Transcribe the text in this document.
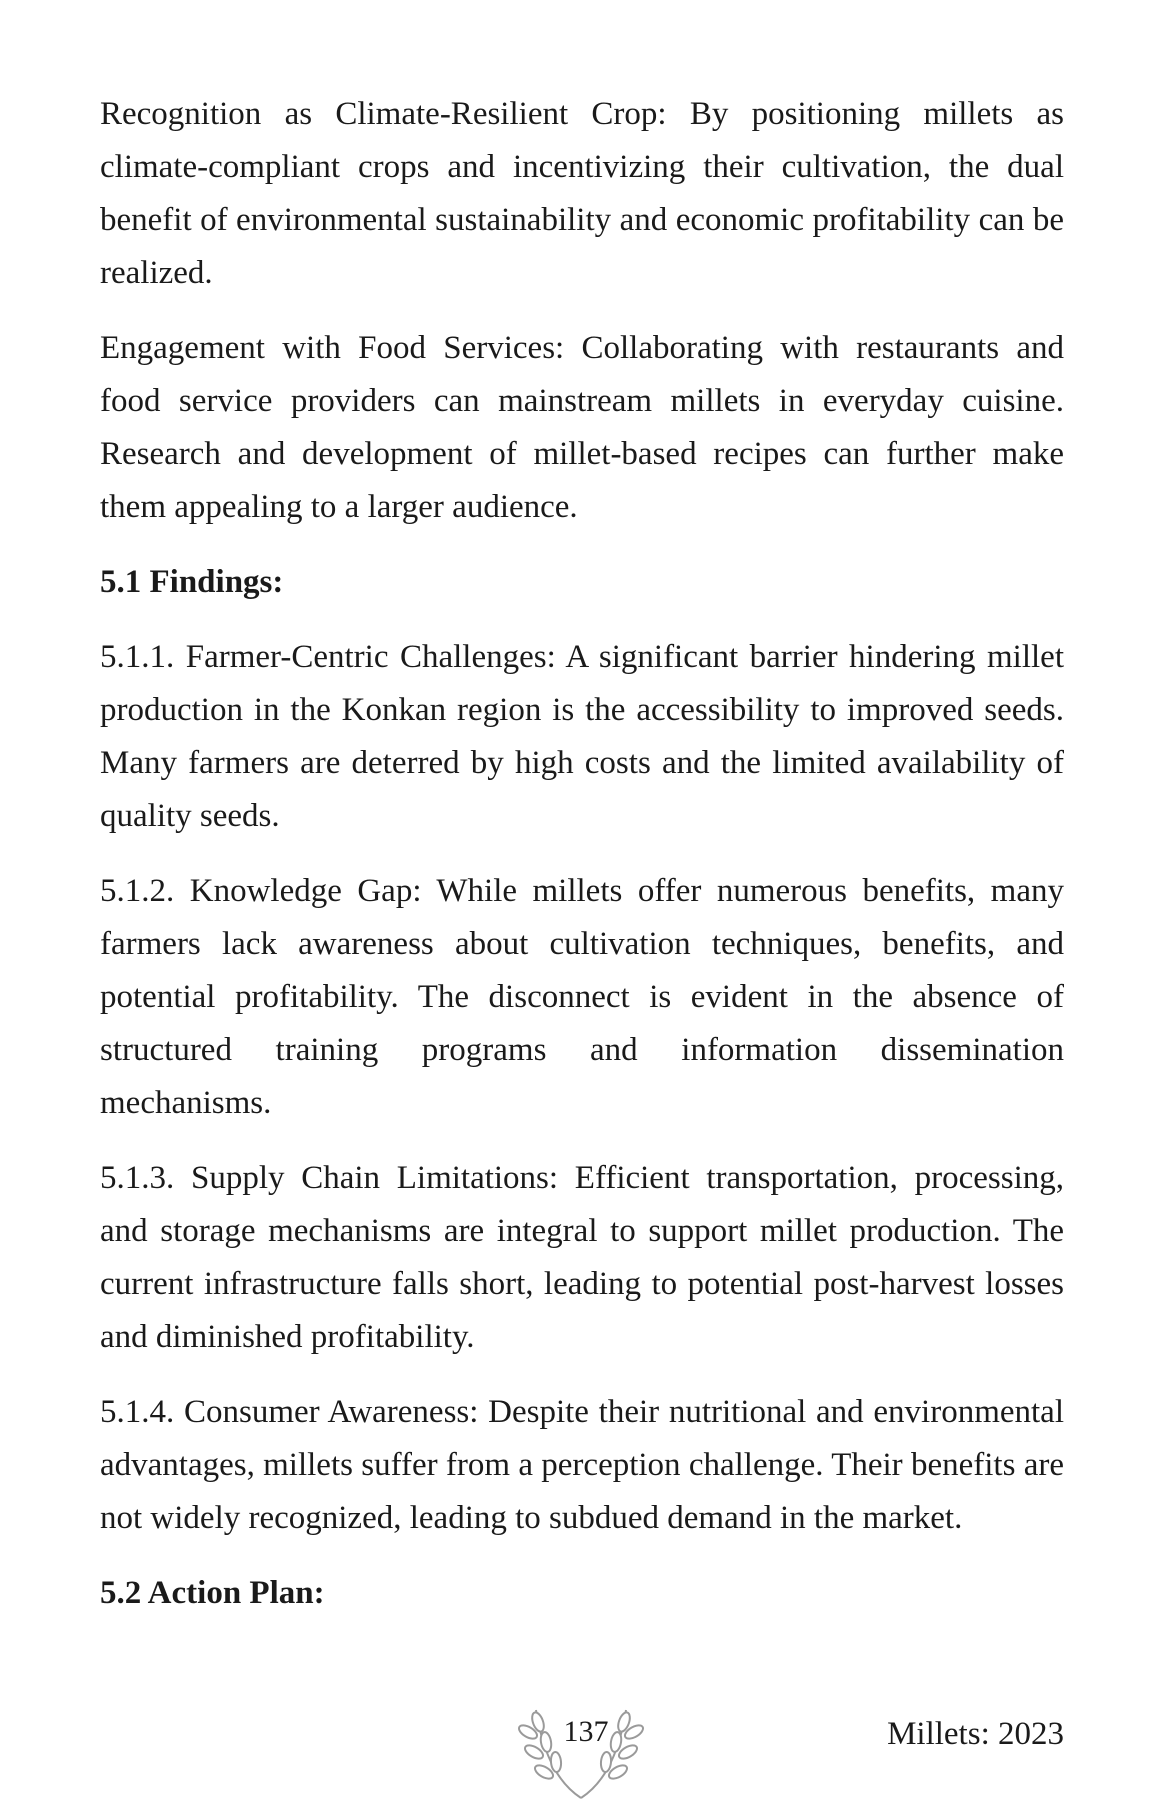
Recognition as Climate-Resilient Crop: By positioning millets as climate-compliant crops and incentivizing their cultivation, the dual benefit of environmental sustainability and economic profitability can be realized.

Engagement with Food Services: Collaborating with restaurants and food service providers can mainstream millets in everyday cuisine. Research and development of millet-based recipes can further make them appealing to a larger audience.

5.1 Findings:

5.1.1. Farmer-Centric Challenges: A significant barrier hindering millet production in the Konkan region is the accessibility to improved seeds. Many farmers are deterred by high costs and the limited availability of quality seeds.

5.1.2. Knowledge Gap: While millets offer numerous benefits, many farmers lack awareness about cultivation techniques, benefits, and potential profitability. The disconnect is evident in the absence of structured training programs and information dissemination mechanisms.

5.1.3. Supply Chain Limitations: Efficient transportation, processing, and storage mechanisms are integral to support millet production. The current infrastructure falls short, leading to potential post-harvest losses and diminished profitability.

5.1.4. Consumer Awareness: Despite their nutritional and environmental advantages, millets suffer from a perception challenge. Their benefits are not widely recognized, leading to subdued demand in the market.

5.2 Action Plan:
137	Millets: 2023
